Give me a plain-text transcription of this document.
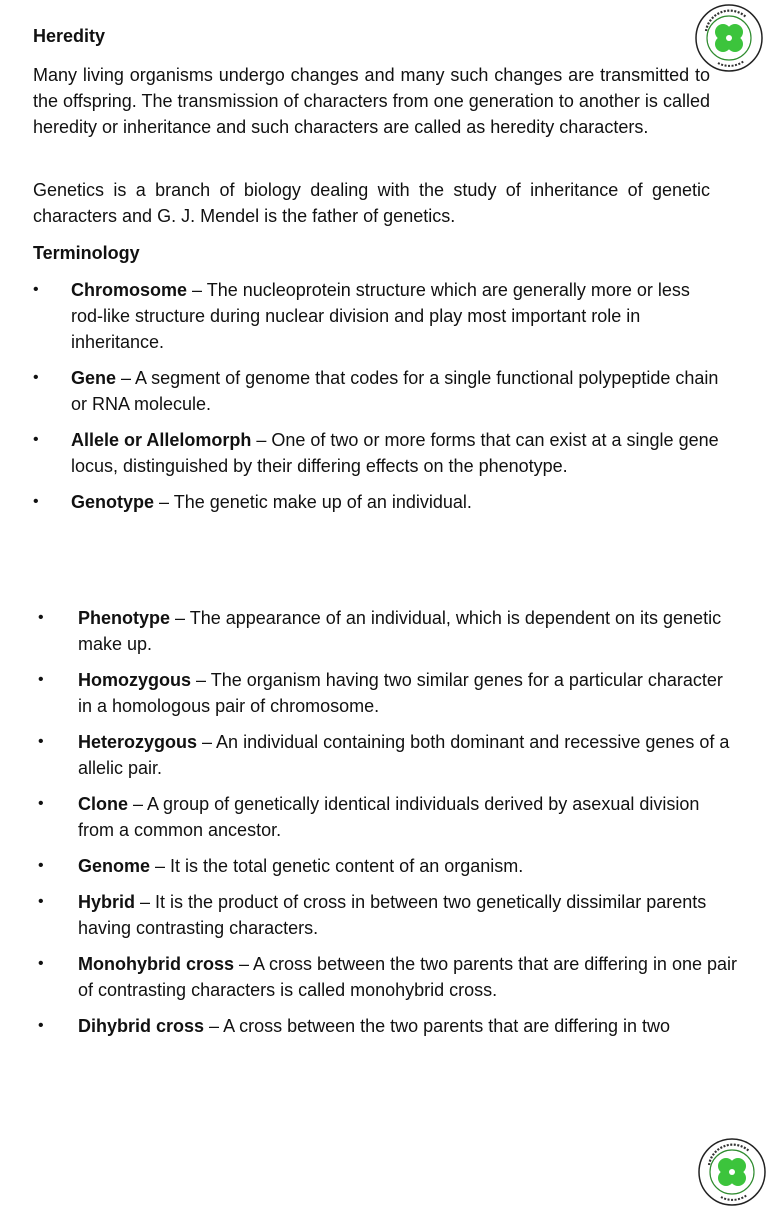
Heredity
Many living organisms undergo changes and many such changes are transmitted to the offspring. The transmission of characters from one generation to another is called heredity or inheritance and such characters are called as heredity characters.
Genetics is a branch of biology dealing with the study of inheritance of genetic characters and G. J. Mendel is the father of genetics.
Terminology
• Chromosome – The nucleoprotein structure which are generally more or less rod-like structure during nuclear division and play most important role in inheritance.
• Gene – A segment of genome that codes for a single functional polypeptide chain or RNA molecule.
• Allele or Allelomorph – One of two or more forms that can exist at a single gene locus, distinguished by their differing effects on the phenotype.
• Genotype – The genetic make up of an individual.
• Phenotype – The appearance of an individual, which is dependent on its genetic make up.
• Homozygous – The organism having two similar genes for a particular character in a homologous pair of chromosome.
• Heterozygous – An individual containing both dominant and recessive genes of a allelic pair.
• Clone – A group of genetically identical individuals derived by asexual division from a common ancestor.
• Genome – It is the total genetic content of an organism.
• Hybrid – It is the product of cross in between two genetically dissimilar parents having contrasting characters.
• Monohybrid cross – A cross between the two parents that are differing in one pair of contrasting characters is called monohybrid cross.
• Dihybrid cross – A cross between the two parents that are differing in two
